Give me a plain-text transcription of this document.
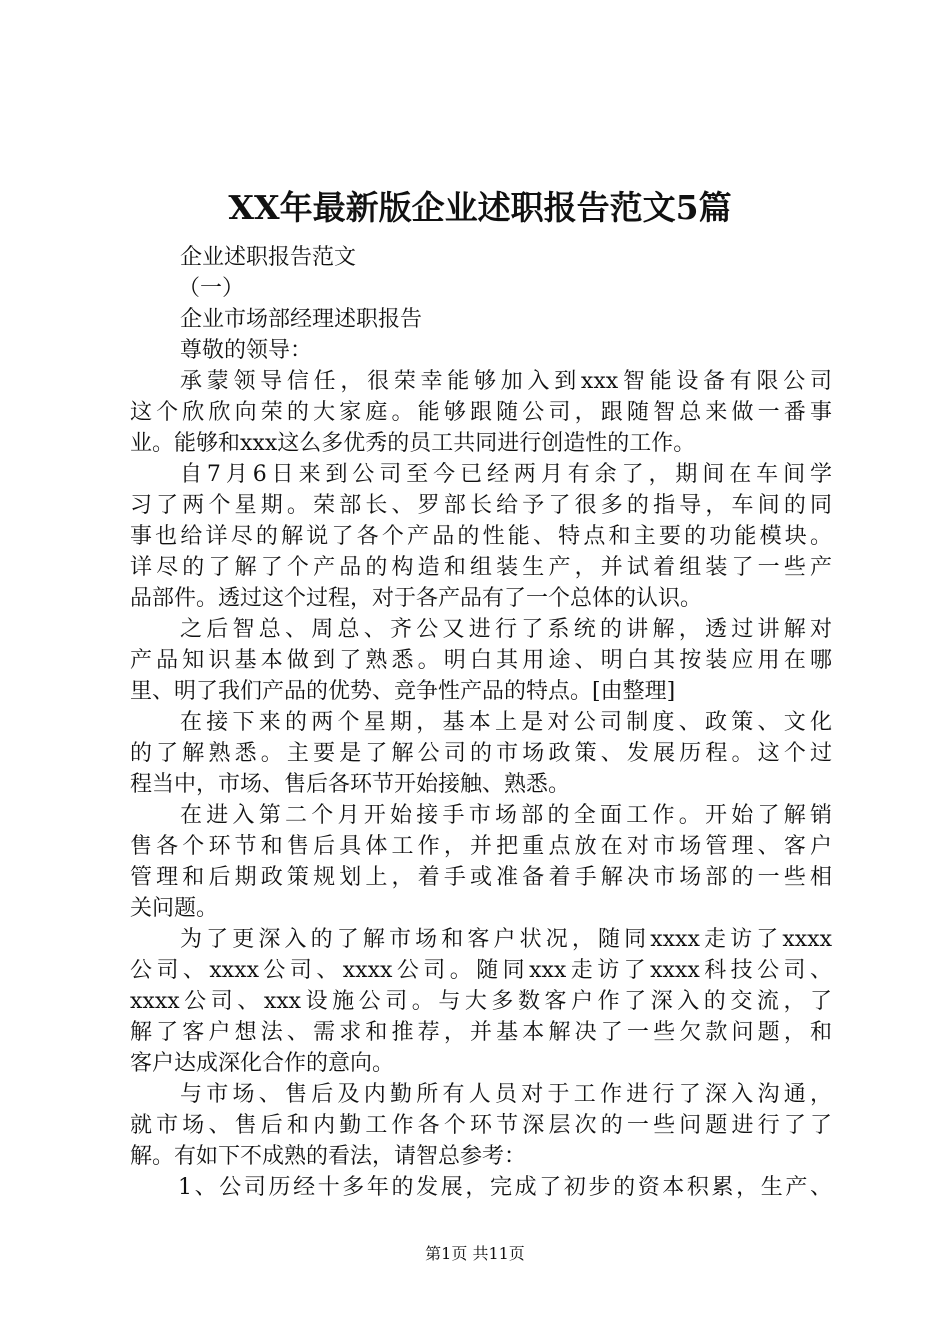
XX年最新版企业述职报告范文5篇
企业述职报告范文
（一）
企业市场部经理述职报告
尊敬的领导：
承蒙领导信任，很荣幸能够加入到xxx智能设备有限公司
这个欣欣向荣的大家庭。能够跟随公司，跟随智总来做一番事
业。能够和xxx这么多优秀的员工共同进行创造性的工作。
自7月6日来到公司至今已经两月有余了，期间在车间学
习了两个星期。荣部长、罗部长给予了很多的指导，车间的同
事也给详尽的解说了各个产品的性能、特点和主要的功能模块。
详尽的了解了个产品的构造和组装生产，并试着组装了一些产
品部件。透过这个过程，对于各产品有了一个总体的认识。
之后智总、周总、齐公又进行了系统的讲解，透过讲解对
产品知识基本做到了熟悉。明白其用途、明白其按装应用在哪
里、明了我们产品的优势、竞争性产品的特点。[由整理]
在接下来的两个星期，基本上是对公司制度、政策、文化
的了解熟悉。主要是了解公司的市场政策、发展历程。这个过
程当中，市场、售后各环节开始接触、熟悉。
在进入第二个月开始接手市场部的全面工作。开始了解销
售各个环节和售后具体工作，并把重点放在对市场管理、客户
管理和后期政策规划上，着手或准备着手解决市场部的一些相
关问题。
为了更深入的了解市场和客户状况，随同xxxx走访了xxxx
公司、xxxx公司、xxxx公司。随同xxx走访了xxxx科技公司、
xxxx公司、xxx设施公司。与大多数客户作了深入的交流，了
解了客户想法、需求和推荐，并基本解决了一些欠款问题，和
客户达成深化合作的意向。
与市场、售后及内勤所有人员对于工作进行了深入沟通，
就市场、售后和内勤工作各个环节深层次的一些问题进行了了
解。有如下不成熟的看法，请智总参考：
1、公司历经十多年的发展，完成了初步的资本积累，生产、
第1页 共11页
